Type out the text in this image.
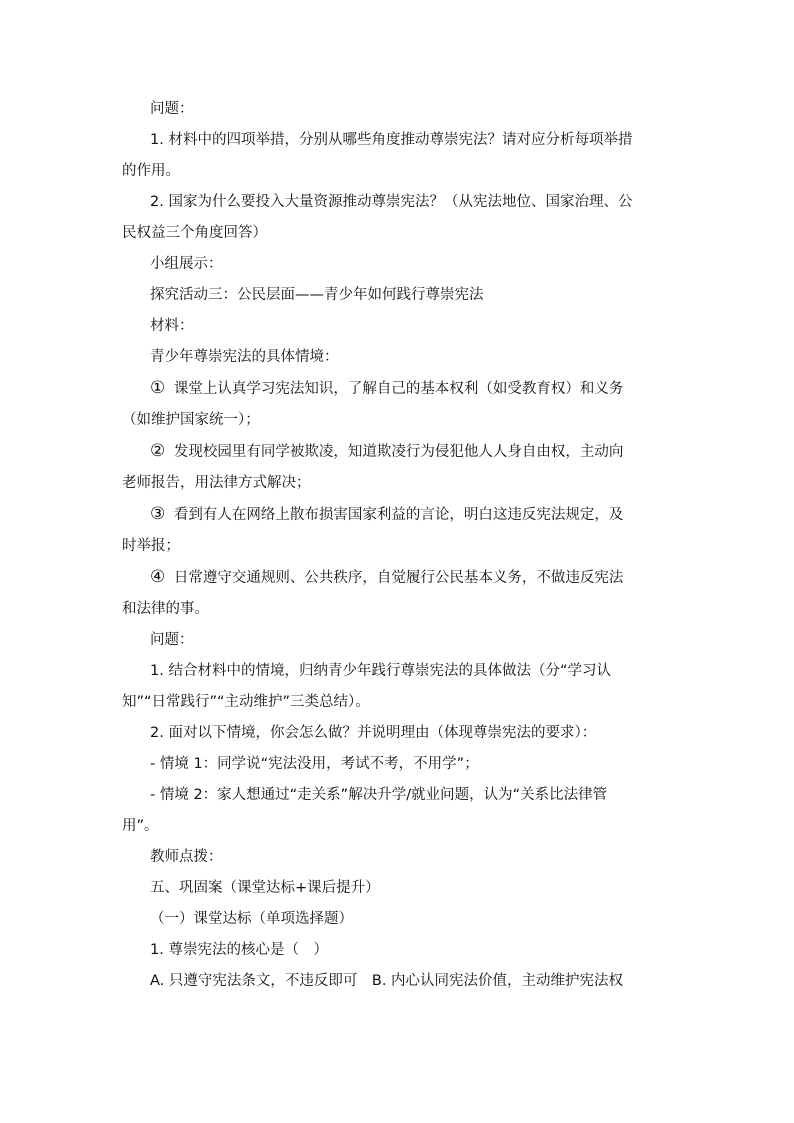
问题：
1. 材料中的四项举措，分别从哪些角度推动尊崇宪法？请对应分析每项举措
的作用。
2. 国家为什么要投入大量资源推动尊崇宪法？（从宪法地位、国家治理、公
民权益三个角度回答）
小组展示：
探究活动三：公民层面——青少年如何践行尊崇宪法
材料：
青少年尊崇宪法的具体情境：
① 课堂上认真学习宪法知识，了解自己的基本权利（如受教育权）和义务
（如维护国家统一）；
② 发现校园里有同学被欺凌，知道欺凌行为侵犯他人人身自由权，主动向
老师报告，用法律方式解决；
③ 看到有人在网络上散布损害国家利益的言论，明白这违反宪法规定，及
时举报；
④ 日常遵守交通规则、公共秩序，自觉履行公民基本义务，不做违反宪法
和法律的事。
问题：
1. 结合材料中的情境，归纳青少年践行尊崇宪法的具体做法（分“学习认
知”“日常践行”“主动维护”三类总结）。
2. 面对以下情境，你会怎么做？并说明理由（体现尊崇宪法的要求）：
- 情境 1：同学说“宪法没用，考试不考，不用学”；
- 情境 2：家人想通过“走关系”解决升学/就业问题，认为“关系比法律管
用”。
教师点拨：
五、巩固案（课堂达标+课后提升）
（一）课堂达标（单项选择题）
1. 尊崇宪法的核心是（　）
A. 只遵守宪法条文，不违反即可　B. 内心认同宪法价值，主动维护宪法权
